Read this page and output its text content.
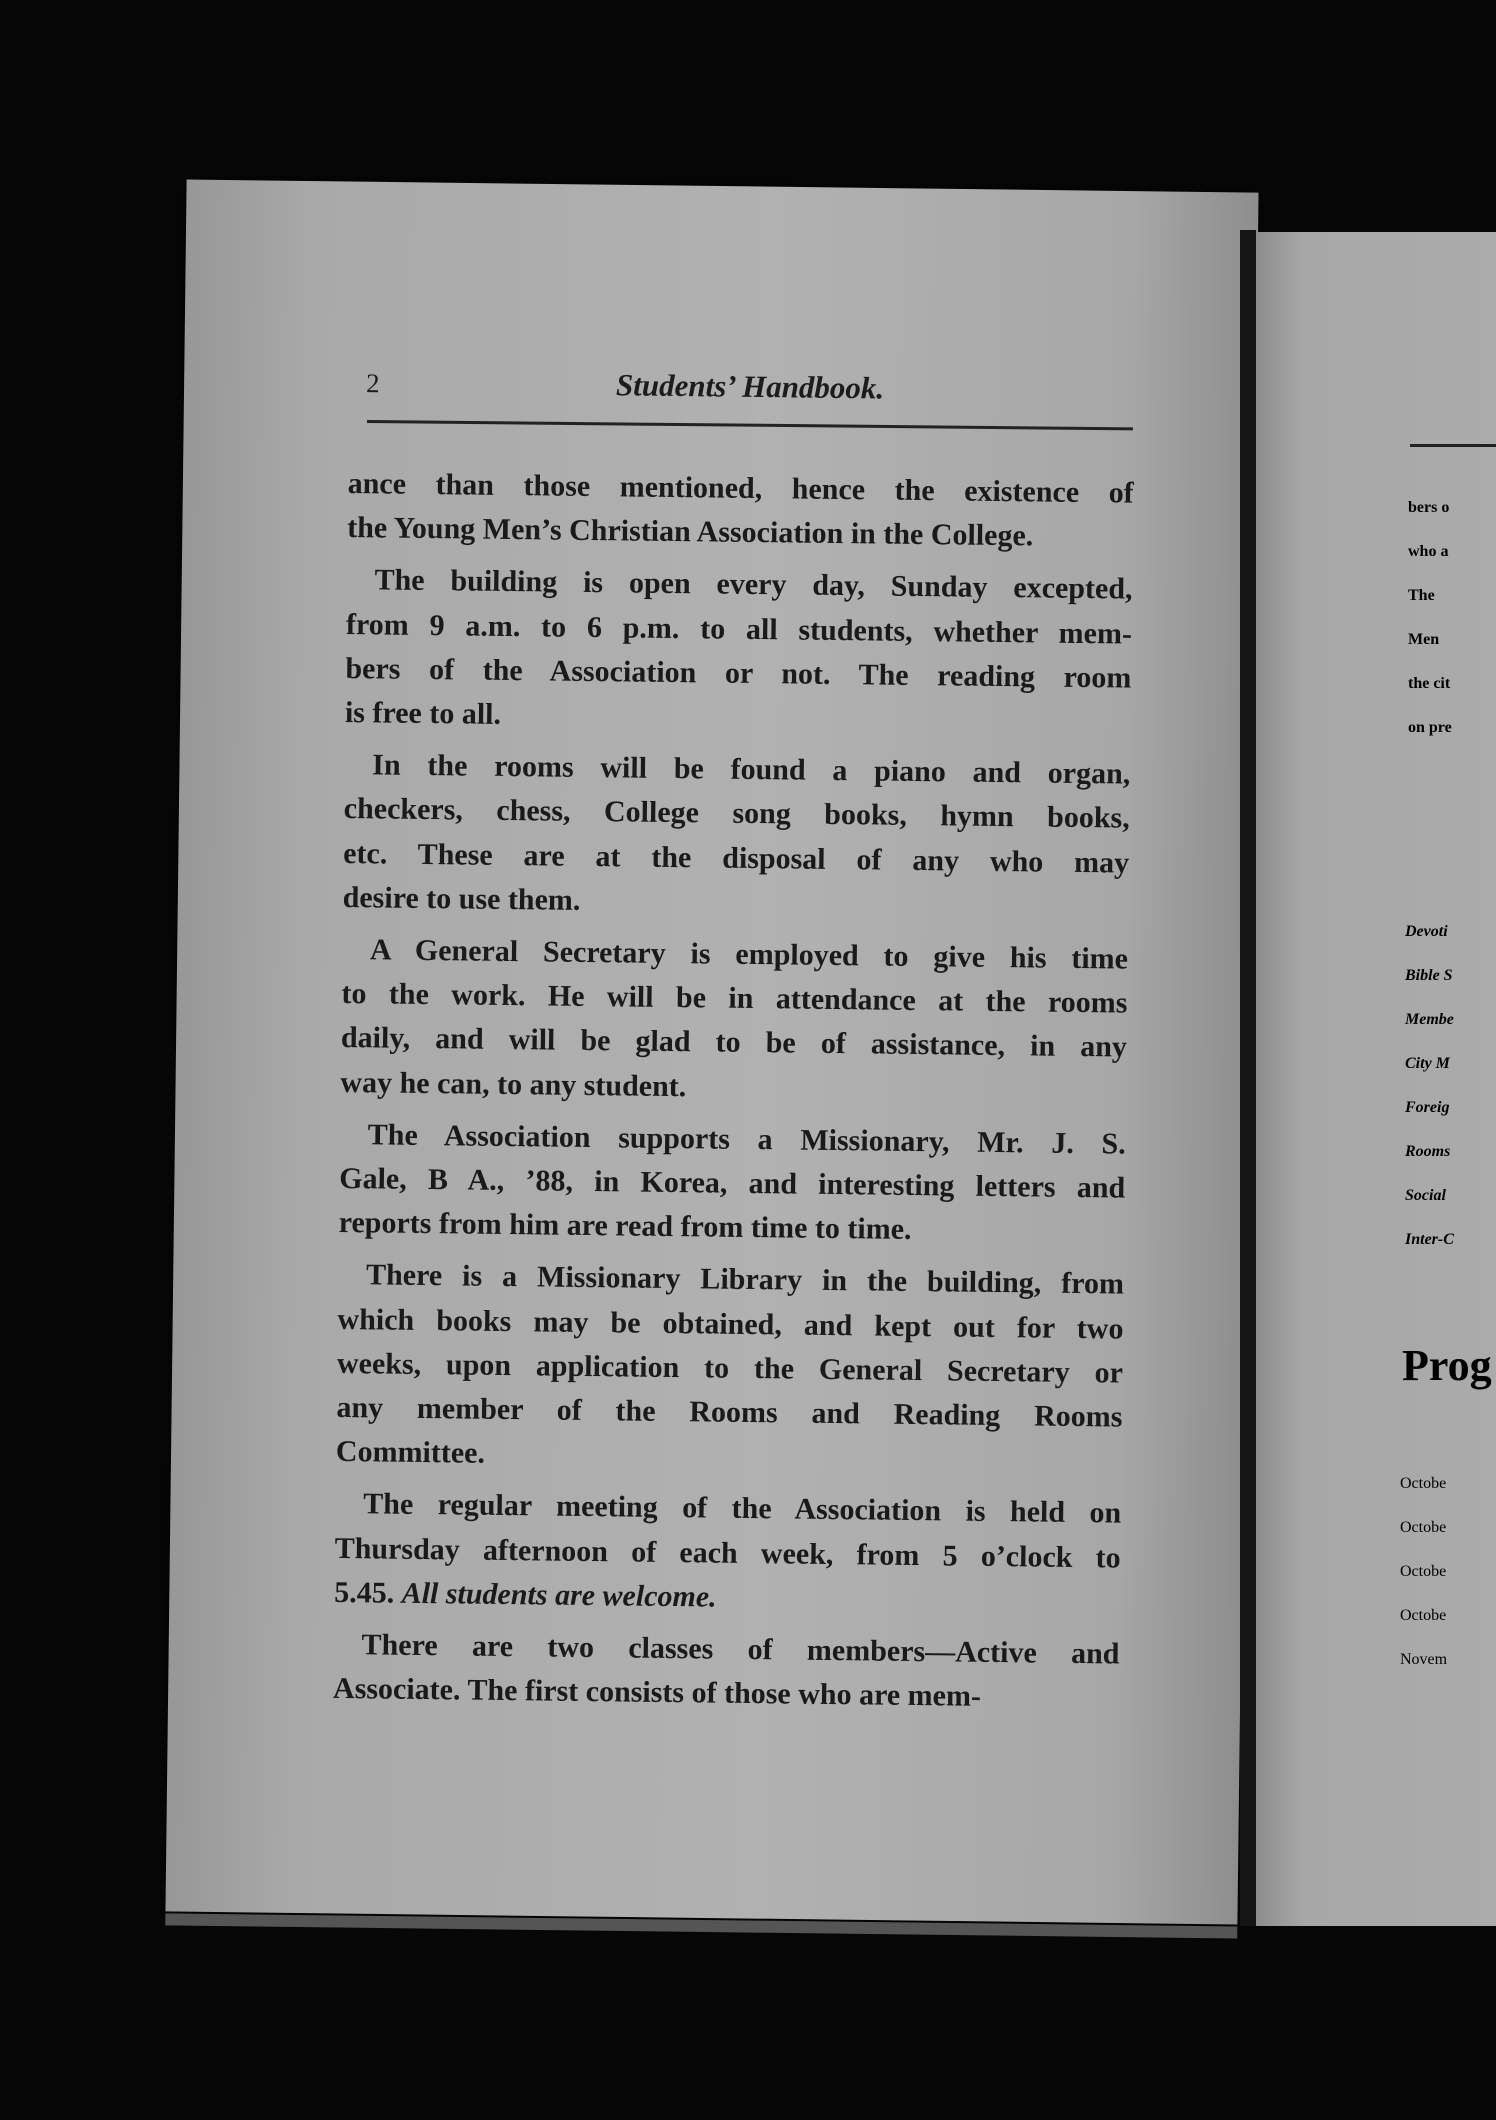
2	Students’ Handbook.
ance than those mentioned, hence the existence of
the Young Men’s Christian Association in the College.
The building is open every day, Sunday excepted,
from 9 a.m. to 6 p.m. to all students, whether mem-
bers of the Association or not. The reading room
is free to all.
In the rooms will be found a piano and organ,
checkers, chess, College song books, hymn books,
etc. These are at the disposal of any who may
desire to use them.
A General Secretary is employed to give his time
to the work. He will be in attendance at the rooms
daily, and will be glad to be of assistance, in any
way he can, to any student.
The Association supports a Missionary, Mr. J. S.
Gale, B A., ’88, in Korea, and interesting letters and
reports from him are read from time to time.
There is a Missionary Library in the building, from
which books may be obtained, and kept out for two
weeks, upon application to the General Secretary or
any member of the Rooms and Reading Rooms
Committee.
The regular meeting of the Association is held on
Thursday afternoon of each week, from 5 o’clock to
5.45. All students are welcome.
There are two classes of members—Active and
Associate. The first consists of those who are mem-
bers o
who a
The
Men
the cit
on pre
Devoti
Bible S
Membe
City M
Foreig
Rooms
Social
Inter-C
Prog
Octobe
Octobe
Octobe
Octobe
Novem
